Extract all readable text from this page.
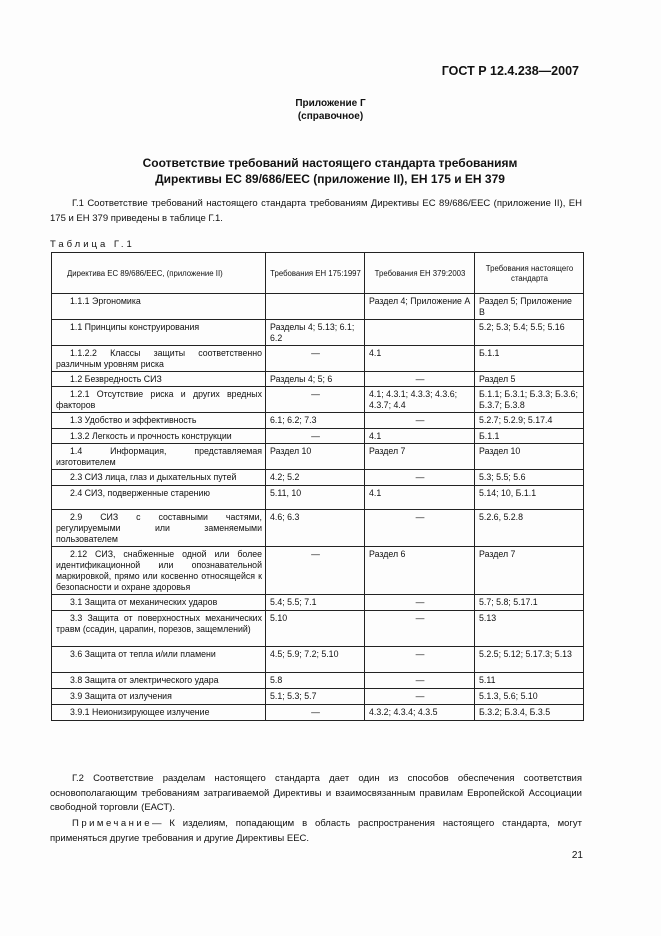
ГОСТ Р 12.4.238—2007
Приложение Г
(справочное)
Соответствие требований настоящего стандарта требованиям
Директивы ЕС 89/686/ЕЕС (приложение II), ЕН 175 и ЕН 379
Г.1 Соответствие требований настоящего стандарта требованиям Директивы ЕС 89/686/ЕЕС (приложение II), ЕН 175 и ЕН 379 приведены в таблице Г.1.
Таблица Г.1
Директива ЕС 89/686/ЕЕС, (приложение II)	Требования ЕН 175:1997	Требования ЕН 379:2003	Требования настоящего стандарта
1.1.1 Эргономика		Раздел 4; Приложение А	Раздел 5; Приложение В
1.1 Принципы конструирования	Разделы 4; 5.13; 6.1; 6.2		5.2; 5.3; 5.4; 5.5; 5.16
1.1.2.2 Классы защиты соответственно различным уровням риска	—	4.1	Б.1.1
1.2 Безвредность СИЗ	Разделы 4; 5; 6	—	Раздел 5
1.2.1 Отсутствие риска и других вредных факторов	—	4.1; 4.3.1; 4.3.3; 4.3.6; 4.3.7; 4.4	Б.1.1; Б.3.1; Б.3.3; Б.3.6; Б.3.7; Б.3.8
1.3 Удобство и эффективность	6.1; 6.2; 7.3	—	5.2.7; 5.2.9; 5.17.4
1.3.2 Легкость и прочность конструкции	—	4.1	Б.1.1
1.4 Информация, представляемая изготовителем	Раздел 10	Раздел 7	Раздел 10
2.3 СИЗ лица, глаз и дыхательных путей	4.2; 5.2	—	5.3; 5.5; 5.6
2.4 СИЗ, подверженные старению	5.11, 10	4.1	5.14; 10, Б.1.1
2.9 СИЗ с составными частями, регулируемыми или заменяемыми пользователем	4.6; 6.3	—	5.2.6, 5.2.8
2.12 СИЗ, снабженные одной или более идентификационной или опознавательной маркировкой, прямо или косвенно относящейся к безопасности и охране здоровья	—	Раздел 6	Раздел 7
3.1 Защита от механических ударов	5.4; 5.5; 7.1	—	5.7; 5.8; 5.17.1
3.3 Защита от поверхностных механических травм (ссадин, царапин, порезов, защемлений)	5.10	—	5.13
3.6 Защита от тепла и/или пламени	4.5; 5.9; 7.2; 5.10	—	5.2.5; 5.12; 5.17.3; 5.13
3.8 Защита от электрического удара	5.8	—	5.11
3.9 Защита от излучения	5.1; 5.3; 5.7	—	5.1.3, 5.6; 5.10
3.9.1 Неионизирующее излучение	—	4.3.2; 4.3.4; 4.3.5	Б.3.2; Б.3.4, Б.3.5
Г.2 Соответствие разделам настоящего стандарта дает один из способов обеспечения соответствия основополагающим требованиям затрагиваемой Директивы и взаимосвязанным правилам Европейской Ассоциации свободной торговли (ЕАСТ).
Примечание— К изделиям, попадающим в область распространения настоящего стандарта, могут применяться другие требования и другие Директивы ЕЕС.
21
